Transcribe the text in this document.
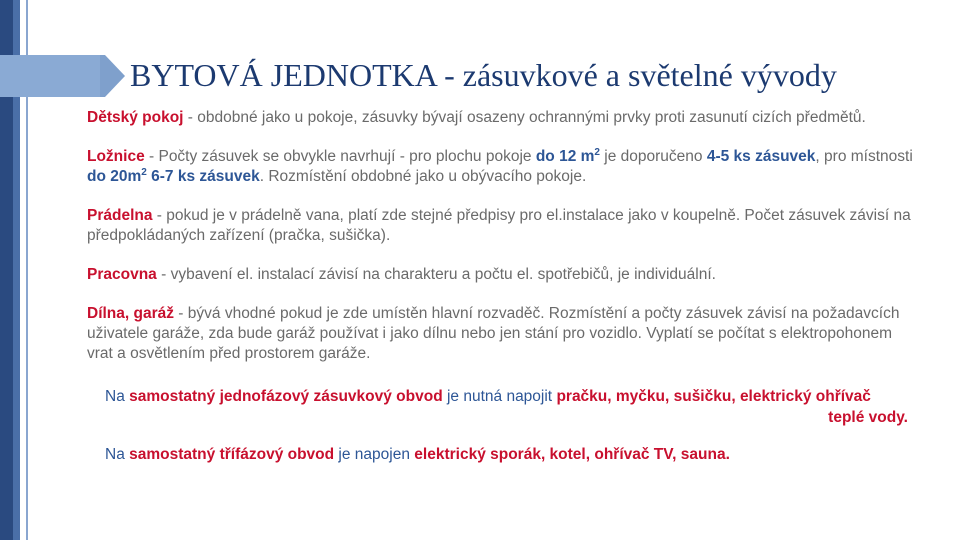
BYTOVÁ JEDNOTKA - zásuvkové a světelné vývody

Dětský pokoj - obdobné jako u pokoje, zásuvky bývají osazeny ochrannými prvky proti zasunutí cizích předmětů.

Ložnice - Počty zásuvek se obvykle navrhují - pro plochu pokoje do 12 $m^2$ je doporučeno 4-5 ks zásuvek, pro místnosti do $20m^2$ 6-7 ks zásuvek. Rozmístění obdobné jako u obývacího pokoje.

Prádelna - pokud je v prádelně vana, platí zde stejné předpisy pro el.instalace jako v koupelně. Počet zásuvek závisí na předpokládaných zařízení (pračka, sušička).

Pracovna - vybavení el. instalací závisí na charakteru a počtu el. spotřebičů, je individuální.

Dílna, garáž - bývá vhodné pokud je zde umístěn hlavní rozvaděč. Rozmístění a počty zásuvek závisí na požadavcích uživatele garáže, zda bude garáž používat i jako dílnu nebo jen stání pro vozidlo. Vyplatí se počítat s elektropohonem vrat a osvětlením před prostorem garáže.

Na samostatný jednofázový zásuvkový obvod je nutná napojit pračku, myčku, sušičku, elektrický ohřívač
teplé vody.
Na samostatný třífázový obvod je napojen elektrický sporák, kotel, ohřívač TV, sauna.
